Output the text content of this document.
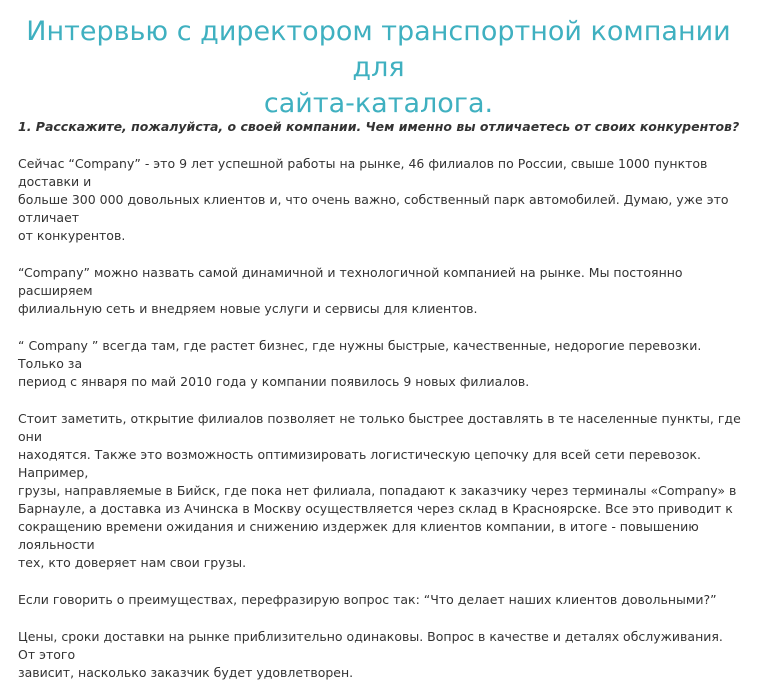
Интервью с директором транспортной компании для
сайта-каталога.

1. Расскажите, пожалуйста, о своей компании. Чем именно вы отличаетесь от своих конкурентов?

Сейчас “Company” - это 9 лет успешной работы на рынке, 46 филиалов по России, свыше 1000 пунктов доставки и
больше 300 000 довольных клиентов и, что очень важно, собственный парк автомобилей. Думаю, уже это отличает
от конкурентов.

“Company” можно назвать самой динамичной и технологичной компанией на рынке. Мы постоянно расширяем
филиальную сеть и внедряем новые услуги и сервисы для клиентов.

“ Company ” всегда там, где растет бизнес, где нужны быстрые, качественные, недорогие перевозки. Только за
период с января по май 2010 года у компании появилось 9 новых филиалов.

Стоит заметить, открытие филиалов позволяет не только быстрее доставлять в те населенные пункты, где они
находятся. Также это возможность оптимизировать логистическую цепочку для всей сети перевозок. Например,
грузы, направляемые в Бийск, где пока нет филиала, попадают к заказчику через терминалы «Company» в
Барнауле, а доставка из Ачинска в Москву осуществляется через склад в Красноярске. Все это приводит к
сокращению времени ожидания и снижению издержек для клиентов компании, в итоге - повышению лояльности
тех, кто доверяет нам свои грузы.

Если говорить о преимуществах, перефразирую вопрос так: “Что делает наших клиентов довольными?”

Цены, сроки доставки на рынке приблизительно одинаковы. Вопрос в качестве и деталях обслуживания. От этого
зависит, насколько заказчик будет удовлетворен.
